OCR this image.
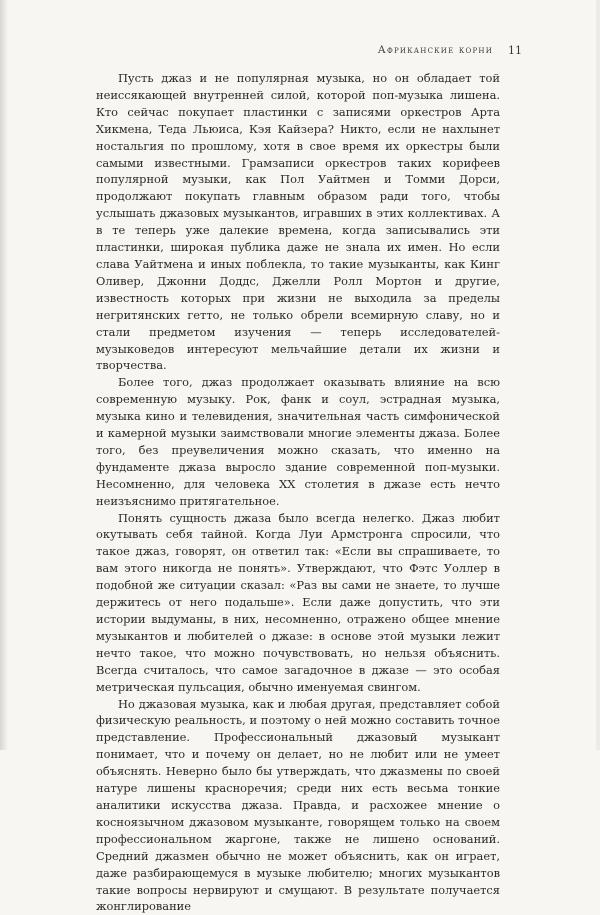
Африканские корни 11

Пусть джаз и не популярная музыка, но он обладает той неиссякающей внутренней силой, которой поп-музыка лишена. Кто сейчас покупает пластинки с записями оркестров Арта Хикмена, Теда Льюиса, Кэя Кайзера? Никто, если не нахлынет ностальгия по прошлому, хотя в свое время их оркестры были самыми известными. Грамзаписи оркестров таких корифеев популярной музыки, как Пол Уайтмен и Томми Дорси, продолжают покупать главным образом ради того, чтобы услышать джазовых музыкантов, игравших в этих коллективах. А в те теперь уже далекие времена, когда записывались эти пластинки, широкая публика даже не знала их имен. Но если слава Уайтмена и иных поблекла, то такие музыканты, как Кинг Оливер, Джонни Доддс, Джелли Ролл Мортон и другие, известность которых при жизни не выходила за пределы негритянских гетто, не только обрели всемирную славу, но и стали предметом изучения — теперь исследователей-музыковедов интересуют мельчайшие детали их жизни и творчества.

Более того, джаз продолжает оказывать влияние на всю современную музыку. Рок, фанк и соул, эстрадная музыка, музыка кино и телевидения, значительная часть симфонической и камерной музыки заимствовали многие элементы джаза. Более того, без преувеличения можно сказать, что именно на фундаменте джаза выросло здание современной поп-музыки. Несомненно, для человека XX столетия в джазе есть нечто неизъяснимо притягательное.

Понять сущность джаза было всегда нелегко. Джаз любит окутывать себя тайной. Когда Луи Армстронга спросили, что такое джаз, говорят, он ответил так: «Если вы спрашиваете, то вам этого никогда не понять». Утверждают, что Фэтс Уоллер в подобной же ситуации сказал: «Раз вы сами не знаете, то лучше держитесь от него подальше». Если даже допустить, что эти истории выдуманы, в них, несомненно, отражено общее мнение музыкантов и любителей о джазе: в основе этой музыки лежит нечто такое, что можно почувствовать, но нельзя объяснить. Всегда считалось, что самое загадочное в джазе — это особая метрическая пульсация, обычно именуемая свингом.

Но джазовая музыка, как и любая другая, представляет собой физическую реальность, и поэтому о ней можно составить точное представление. Профессиональный джазовый музыкант понимает, что и почему он делает, но не любит или не умеет объяснять. Неверно было бы утверждать, что джазмены по своей натуре лишены красноречия; среди них есть весьма тонкие аналитики искусства джаза. Правда, и расхожее мнение о косноязычном джазовом музыканте, говорящем только на своем профессиональном жаргоне, также не лишено оснований. Средний джазмен обычно не может объяснить, как он играет, даже разбирающемуся в музыке любителю; многих музыкантов такие вопросы нервируют и смущают. В результате получается жонглирование
